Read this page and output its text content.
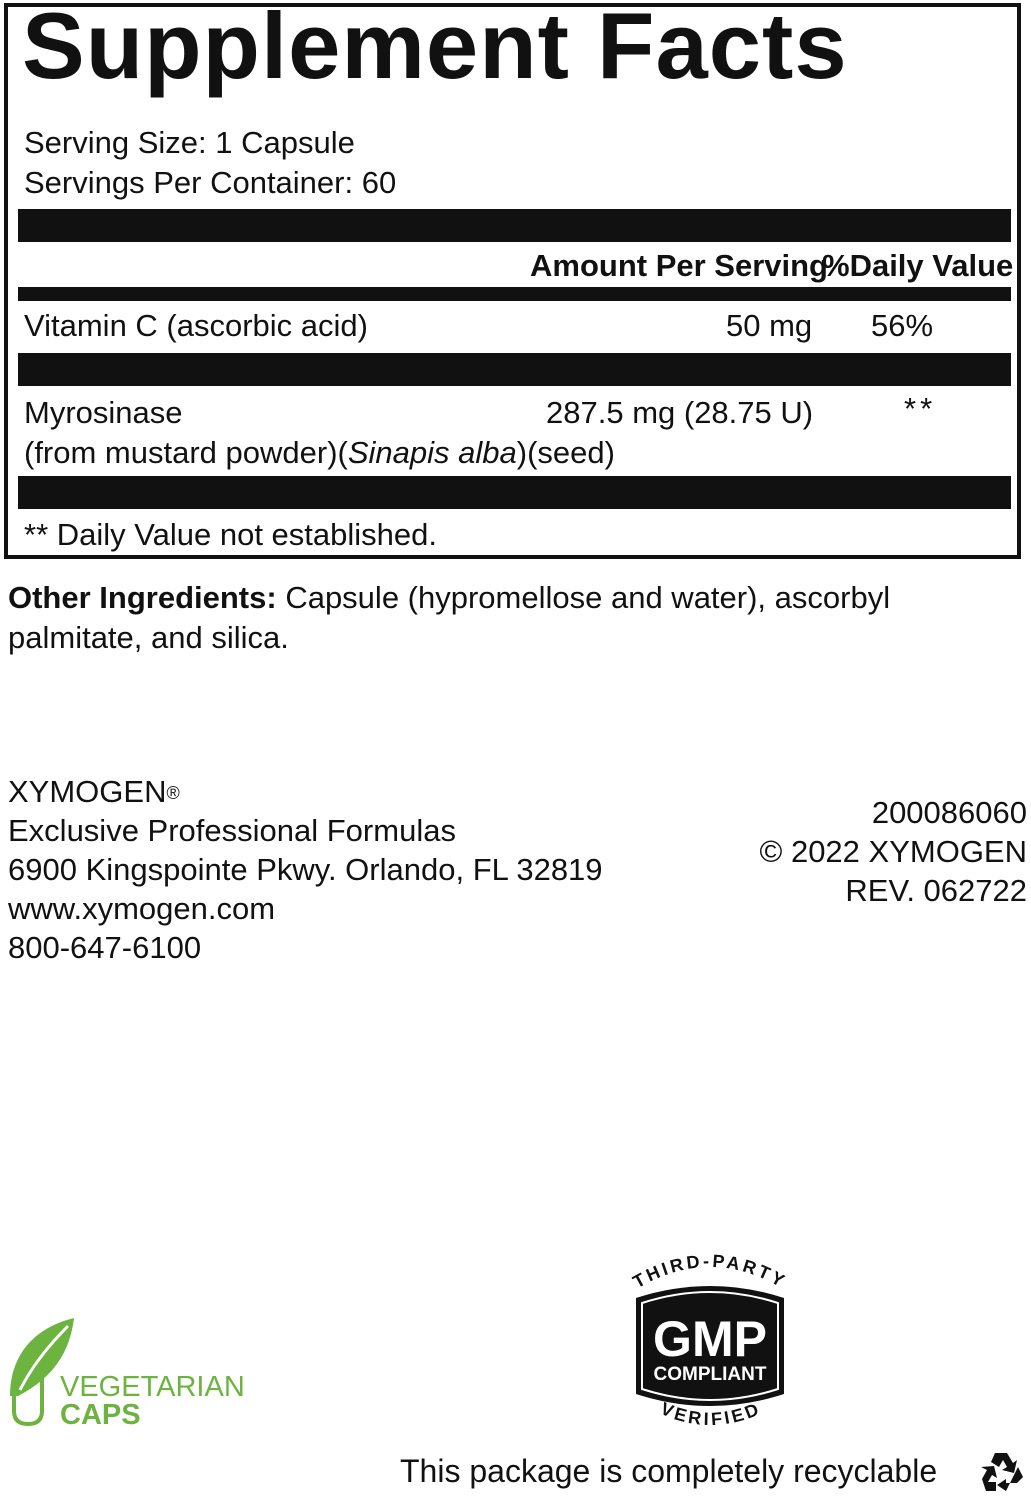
Supplement Facts
Serving Size: 1 Capsule
Servings Per Container: 60
Amount Per Serving
%Daily Value
Vitamin C (ascorbic acid)	50 mg 56%
Myrosinase	287.5 mg (28.75 U)	**
(from mustard powder)(Sinapis alba)(seed)
** Daily Value not established.
Other Ingredients: Capsule (hypromellose and water), ascorbyl palmitate, and silica.
XYMOGEN®
Exclusive Professional Formulas
6900 Kingspointe Pkwy. Orlando, FL 32819
www.xymogen.com
800-647-6100
200086060
© 2022 XYMOGEN
REV. 062722
VEGETARIAN
CAPS
THIRD-PARTY
GMP
COMPLIANT
VERIFIED
This package is completely recyclable
